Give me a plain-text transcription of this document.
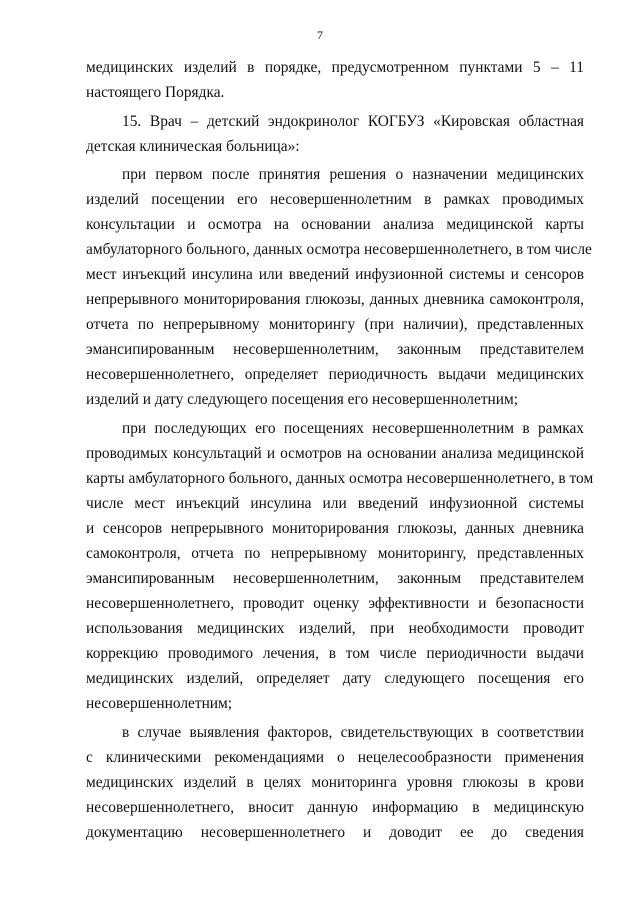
7
медицинских изделий в порядке, предусмотренном пунктами 5 – 11
настоящего Порядка.
15. Врач – детский эндокринолог КОГБУЗ «Кировская областная
детская клиническая больница»:
при первом после принятия решения о назначении медицинских
изделий посещении его несовершеннолетним в рамках проводимых
консультации и осмотра на основании анализа медицинской карты
амбулаторного больного, данных осмотра несовершеннолетнего, в том числе
мест инъекций инсулина или введений инфузионной системы и сенсоров
непрерывного мониторирования глюкозы, данных дневника самоконтроля,
отчета по непрерывному мониторингу (при наличии), представленных
эмансипированным несовершеннолетним, законным представителем
несовершеннолетнего, определяет периодичность выдачи медицинских
изделий и дату следующего посещения его несовершеннолетним;
при последующих его посещениях несовершеннолетним в рамках
проводимых консультаций и осмотров на основании анализа медицинской
карты амбулаторного больного, данных осмотра несовершеннолетнего, в том
числе мест инъекций инсулина или введений инфузионной системы
и сенсоров непрерывного мониторирования глюкозы, данных дневника
самоконтроля, отчета по непрерывному мониторингу, представленных
эмансипированным несовершеннолетним, законным представителем
несовершеннолетнего, проводит оценку эффективности и безопасности
использования медицинских изделий, при необходимости проводит
коррекцию проводимого лечения, в том числе периодичности выдачи
медицинских изделий, определяет дату следующего посещения его
несовершеннолетним;
в случае выявления факторов, свидетельствующих в соответствии
с клиническими рекомендациями о нецелесообразности применения
медицинских изделий в целях мониторинга уровня глюкозы в крови
несовершеннолетнего, вносит данную информацию в медицинскую
документацию несовершеннолетнего и доводит ее до сведения
